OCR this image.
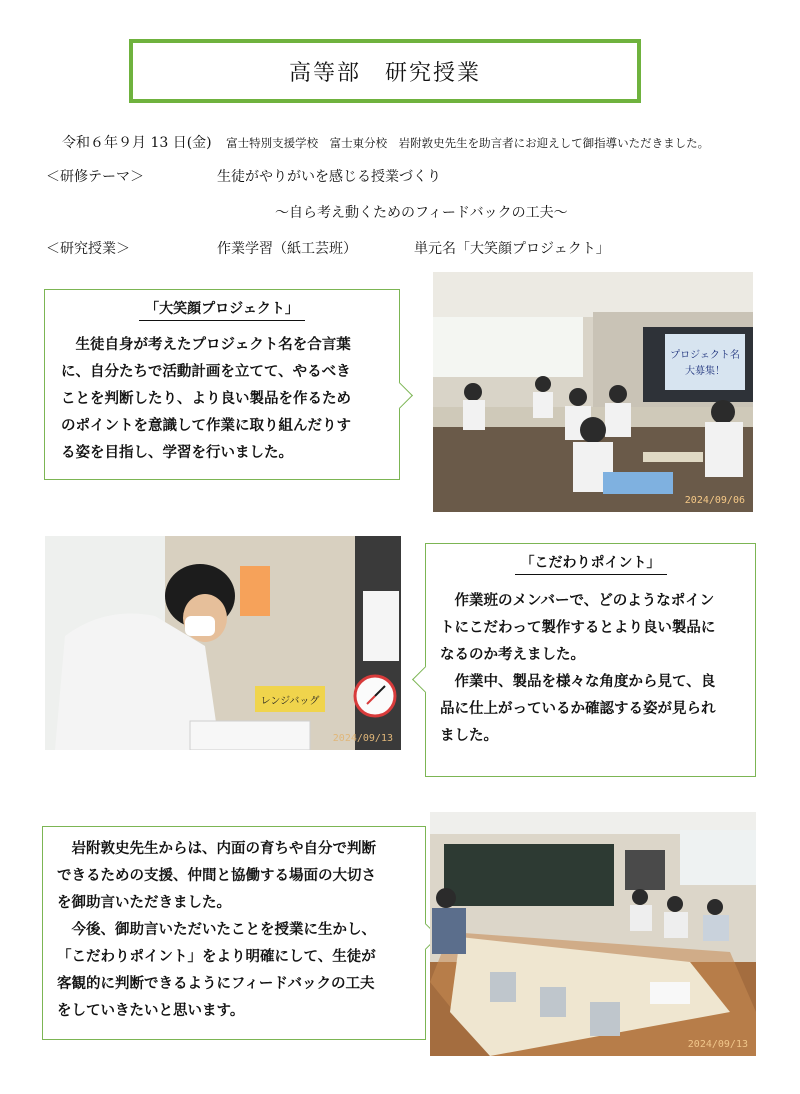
高等部　研究授業
令和６年９月 13 日(金) 富士特別支援学校　富士東分校　岩附敦史先生を助言者にお迎えして御指導いただきました。
＜研修テーマ＞	生徒がやりがいを感じる授業づくり
～自ら考え動くためのフィードバックの工夫～
＜研究授業＞	作業学習（紙工芸班）	単元名「大笑顔プロジェクト」
「大笑顔プロジェクト」

生徒自身が考えたプロジェクト名を合言葉

に、自分たちで活動計画を立てて、やるべき

ことを判断したり、より良い製品を作るため

のポイントを意識して作業に取り組んだりす

る姿を目指し、学習を行いました。

プロジェクト名
大募集！
2024/09/06
レンジバッグ
2024/09/13
「こだわりポイント」

作業班のメンバーで、どのようなポイン

トにこだわって製作するとより良い製品に

なるのか考えました。

作業中、製品を様々な角度から見て、良

品に仕上がっているか確認する姿が見られ

ました。

岩附敦史先生からは、内面の育ちや自分で判断

できるための支援、仲間と協働する場面の大切さ

を御助言いただきました。

今後、御助言いただいたことを授業に生かし、

「こだわりポイント」をより明確にして、生徒が

客観的に判断できるようにフィードバックの工夫

をしていきたいと思います。

2024/09/13
